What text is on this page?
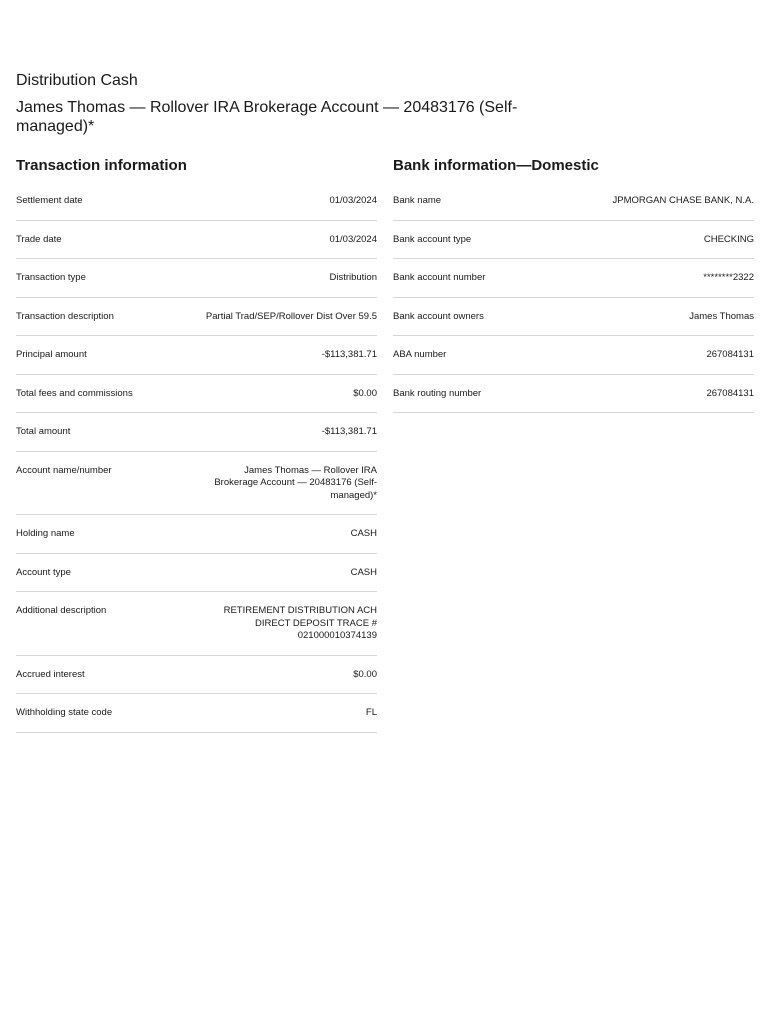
Distribution Cash
James Thomas — Rollover IRA Brokerage Account — 20483176 (Self-managed)*
Transaction information
Settlement date	01/03/2024
Trade date	01/03/2024
Transaction type	Distribution
Transaction description	Partial Trad/SEP/Rollover Dist Over 59.5
Principal amount	-$113,381.71
Total fees and commissions	$0.00
Total amount	-$113,381.71
Account name/number	James Thomas — Rollover IRA Brokerage Account — 20483176 (Self-managed)*
Holding name	CASH
Account type	CASH
Additional description	RETIREMENT DISTRIBUTION ACH DIRECT DEPOSIT TRACE # 021000010374139
Accrued interest	$0.00
Withholding state code	FL
Bank information—Domestic
Bank name	JPMORGAN CHASE BANK, N.A.
Bank account type	CHECKING
Bank account number	********2322
Bank account owners	James Thomas
ABA number	267084131
Bank routing number	267084131
